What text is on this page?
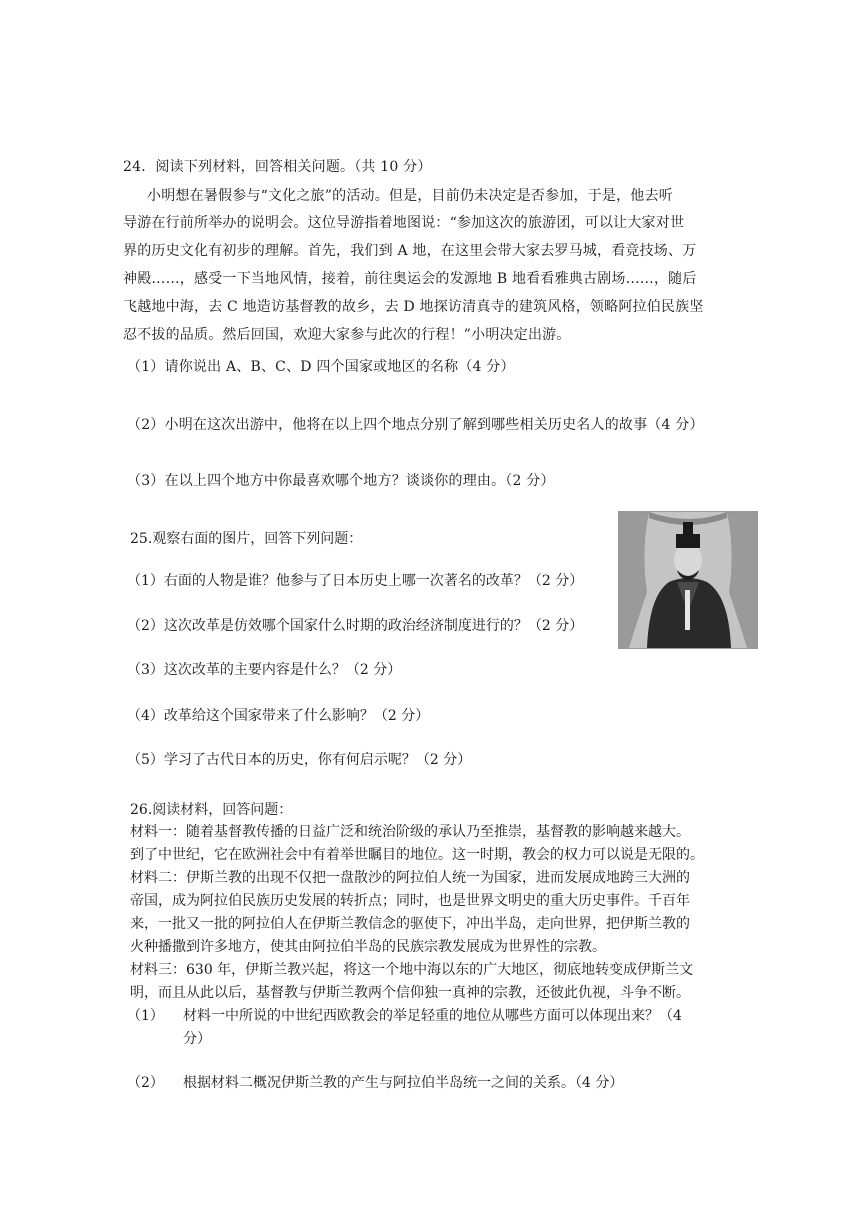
24．阅读下列材料，回答相关问题。（共 10 分）
小明想在暑假参与“文化之旅”的活动。但是，目前仍未决定是否参加，于是，他去听
导游在行前所举办的说明会。这位导游指着地图说：“参加这次的旅游团，可以让大家对世
界的历史文化有初步的理解。首先，我们到 A 地，在这里会带大家去罗马城，看竞技场、万
神殿……，感受一下当地风情，接着，前往奥运会的发源地 B 地看看雅典古剧场……，随后
飞越地中海，去 C 地造访基督教的故乡，去 D 地探访清真寺的建筑风格，领略阿拉伯民族坚
忍不拔的品质。然后回国，欢迎大家参与此次的行程！”小明决定出游。
（1）请你说出 A、B、C、D 四个国家或地区的名称（4 分）
（2）小明在这次出游中，他将在以上四个地点分别了解到哪些相关历史名人的故事（4 分）
（3）在以上四个地方中你最喜欢哪个地方？谈谈你的理由。（2 分）
25.观察右面的图片，回答下列问题：
（1）右面的人物是谁？他参与了日本历史上哪一次著名的改革？（2 分）
（2）这次改革是仿效哪个国家什么时期的政治经济制度进行的？（2 分）
（3）这次改革的主要内容是什么？（2 分）
（4）改革给这个国家带来了什么影响？（2 分）
（5）学习了古代日本的历史，你有何启示呢？（2 分）
26.阅读材料，回答问题：
材料一：随着基督教传播的日益广泛和统治阶级的承认乃至推崇，基督教的影响越来越大。
到了中世纪，它在欧洲社会中有着举世瞩目的地位。这一时期，教会的权力可以说是无限的。
材料二：伊斯兰教的出现不仅把一盘散沙的阿拉伯人统一为国家，进而发展成地跨三大洲的
帝国，成为阿拉伯民族历史发展的转折点；同时，也是世界文明史的重大历史事件。千百年
来，一批又一批的阿拉伯人在伊斯兰教信念的驱使下，冲出半岛，走向世界，把伊斯兰教的
火种播撒到许多地方，使其由阿拉伯半岛的民族宗教发展成为世界性的宗教。
材料三：630 年，伊斯兰教兴起，将这一个地中海以东的广大地区，彻底地转变成伊斯兰文
明，而且从此以后，基督教与伊斯兰教两个信仰独一真神的宗教，还彼此仇视，斗争不断。
（1） 材料一中所说的中世纪西欧教会的举足轻重的地位从哪些方面可以体现出来？（4
分）
（2） 根据材料二概况伊斯兰教的产生与阿拉伯半岛统一之间的关系。（4 分）
